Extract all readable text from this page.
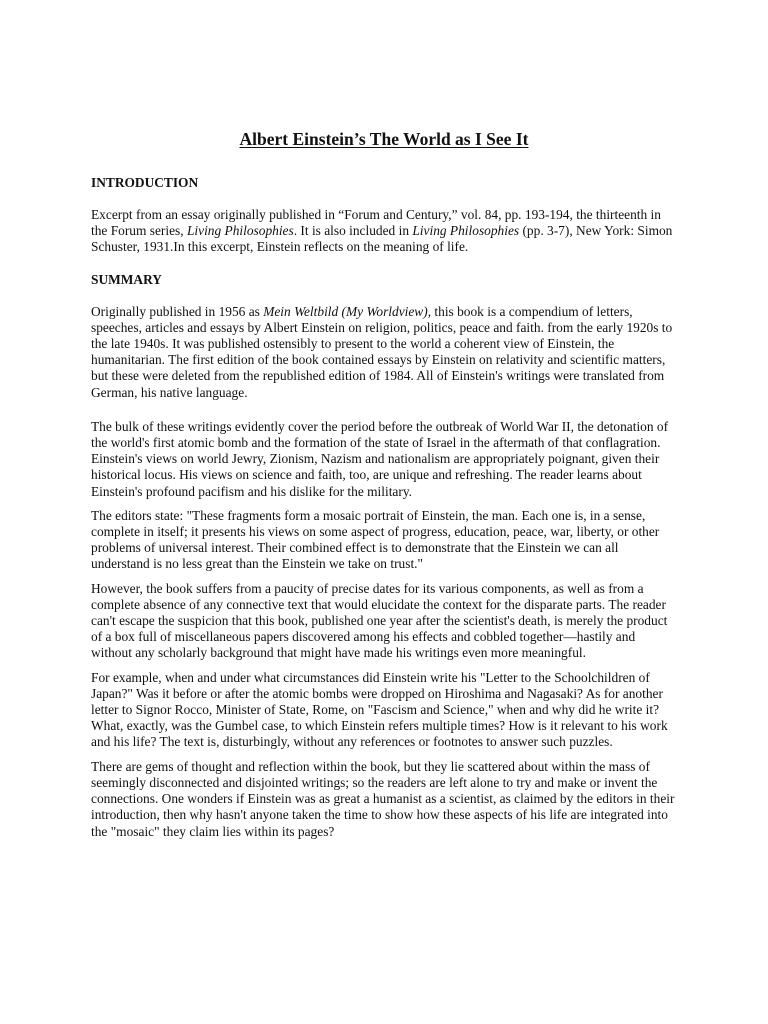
Albert Einstein’s The World as I See It
INTRODUCTION

Excerpt from an essay originally published in “Forum and Century,” vol. 84, pp. 193-194, the thirteenth in the Forum series, Living Philosophies. It is also included in Living Philosophies (pp. 3-7), New York: Simon Schuster, 1931.In this excerpt, Einstein reflects on the meaning of life.

SUMMARY

Originally published in 1956 as Mein Weltbild (My Worldview), this book is a compendium of letters, speeches, articles and essays by Albert Einstein on religion, politics, peace and faith. from the early 1920s to the late 1940s. It was published ostensibly to present to the world a coherent view of Einstein, the humanitarian. The first edition of the book contained essays by Einstein on relativity and scientific matters, but these were deleted from the republished edition of 1984. All of Einstein's writings were translated from German, his native language.

The bulk of these writings evidently cover the period before the outbreak of World War II, the detonation of the world's first atomic bomb and the formation of the state of Israel in the aftermath of that conflagration. Einstein's views on world Jewry, Zionism, Nazism and nationalism are appropriately poignant, given their historical locus. His views on science and faith, too, are unique and refreshing. The reader learns about Einstein's profound pacifism and his dislike for the military.

The editors state: "These fragments form a mosaic portrait of Einstein, the man. Each one is, in a sense, complete in itself; it presents his views on some aspect of progress, education, peace, war, liberty, or other problems of universal interest. Their combined effect is to demonstrate that the Einstein we can all understand is no less great than the Einstein we take on trust."

However, the book suffers from a paucity of precise dates for its various components, as well as from a complete absence of any connective text that would elucidate the context for the disparate parts. The reader can't escape the suspicion that this book, published one year after the scientist's death, is merely the product of a box full of miscellaneous papers discovered among his effects and cobbled together—hastily and without any scholarly background that might have made his writings even more meaningful.

For example, when and under what circumstances did Einstein write his "Letter to the Schoolchildren of Japan?" Was it before or after the atomic bombs were dropped on Hiroshima and Nagasaki? As for another letter to Signor Rocco, Minister of State, Rome, on "Fascism and Science," when and why did he write it? What, exactly, was the Gumbel case, to which Einstein refers multiple times? How is it relevant to his work and his life? The text is, disturbingly, without any references or footnotes to answer such puzzles.

There are gems of thought and reflection within the book, but they lie scattered about within the mass of seemingly disconnected and disjointed writings; so the readers are left alone to try and make or invent the connections. One wonders if Einstein was as great a humanist as a scientist, as claimed by the editors in their introduction, then why hasn't anyone taken the time to show how these aspects of his life are integrated into the "mosaic" they claim lies within its pages?
